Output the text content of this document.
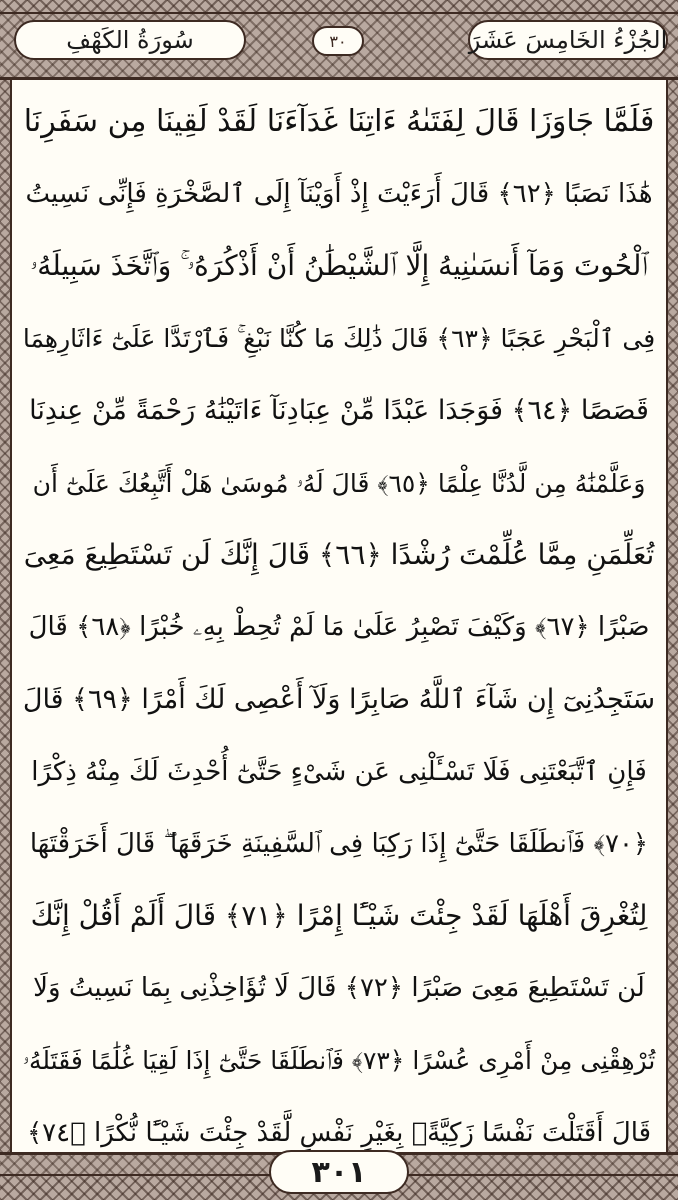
سُورَةُ الكَهْفِ	٣٠	الجُزْءُ الخَامِسَ عَشَرَ
فَلَمَّا جَاوَزَا قَالَ لِفَتَىٰهُ ءَاتِنَا غَدَآءَنَا لَقَدْ لَقِينَا مِن سَفَرِنَا
هَٰذَا نَصَبًا ﴿٦٢﴾ قَالَ أَرَءَيْتَ إِذْ أَوَيْنَآ إِلَى ٱلصَّخْرَةِ فَإِنِّى نَسِيتُ
ٱلْحُوتَ وَمَآ أَنسَىٰنِيهُ إِلَّا ٱلشَّيْطَٰنُ أَنْ أَذْكُرَهُۥ ۚ وَٱتَّخَذَ سَبِيلَهُۥ
فِى ٱلْبَحْرِ عَجَبًا ﴿٦٣﴾ قَالَ ذَٰلِكَ مَا كُنَّا نَبْغِ ۚ فَٱرْتَدَّا عَلَىٰٓ ءَاثَارِهِمَا
قَصَصًا ﴿٦٤﴾ فَوَجَدَا عَبْدًا مِّنْ عِبَادِنَآ ءَاتَيْنَٰهُ رَحْمَةً مِّنْ عِندِنَا
وَعَلَّمْنَٰهُ مِن لَّدُنَّا عِلْمًا ﴿٦٥﴾ قَالَ لَهُۥ مُوسَىٰ هَلْ أَتَّبِعُكَ عَلَىٰٓ أَن
تُعَلِّمَنِ مِمَّا عُلِّمْتَ رُشْدًا ﴿٦٦﴾ قَالَ إِنَّكَ لَن تَسْتَطِيعَ مَعِىَ
صَبْرًا ﴿٦٧﴾ وَكَيْفَ تَصْبِرُ عَلَىٰ مَا لَمْ تُحِطْ بِهِۦ خُبْرًا ﴿٦٨﴾ قَالَ
سَتَجِدُنِىٓ إِن شَآءَ ٱللَّهُ صَابِرًا وَلَآ أَعْصِى لَكَ أَمْرًا ﴿٦٩﴾ قَالَ
فَإِنِ ٱتَّبَعْتَنِى فَلَا تَسْـَٔلْنِى عَن شَىْءٍ حَتَّىٰٓ أُحْدِثَ لَكَ مِنْهُ ذِكْرًا
﴿٧٠﴾ فَٱنطَلَقَا حَتَّىٰٓ إِذَا رَكِبَا فِى ٱلسَّفِينَةِ خَرَقَهَا ۖ قَالَ أَخَرَقْتَهَا
لِتُغْرِقَ أَهْلَهَا لَقَدْ جِئْتَ شَيْـًٔا إِمْرًا ﴿٧١﴾ قَالَ أَلَمْ أَقُلْ إِنَّكَ
لَن تَسْتَطِيعَ مَعِىَ صَبْرًا ﴿٧٢﴾ قَالَ لَا تُؤَاخِذْنِى بِمَا نَسِيتُ وَلَا
تُرْهِقْنِى مِنْ أَمْرِى عُسْرًا ﴿٧٣﴾ فَٱنطَلَقَا حَتَّىٰٓ إِذَا لَقِيَا غُلَٰمًا فَقَتَلَهُۥ
قَالَ أَقَتَلْتَ نَفْسًا زَكِيَّةًۢ بِغَيْرِ نَفْسٍ لَّقَدْ جِئْتَ شَيْـًٔا نُّكْرًا ﴿٧٤﴾
٣٠١
